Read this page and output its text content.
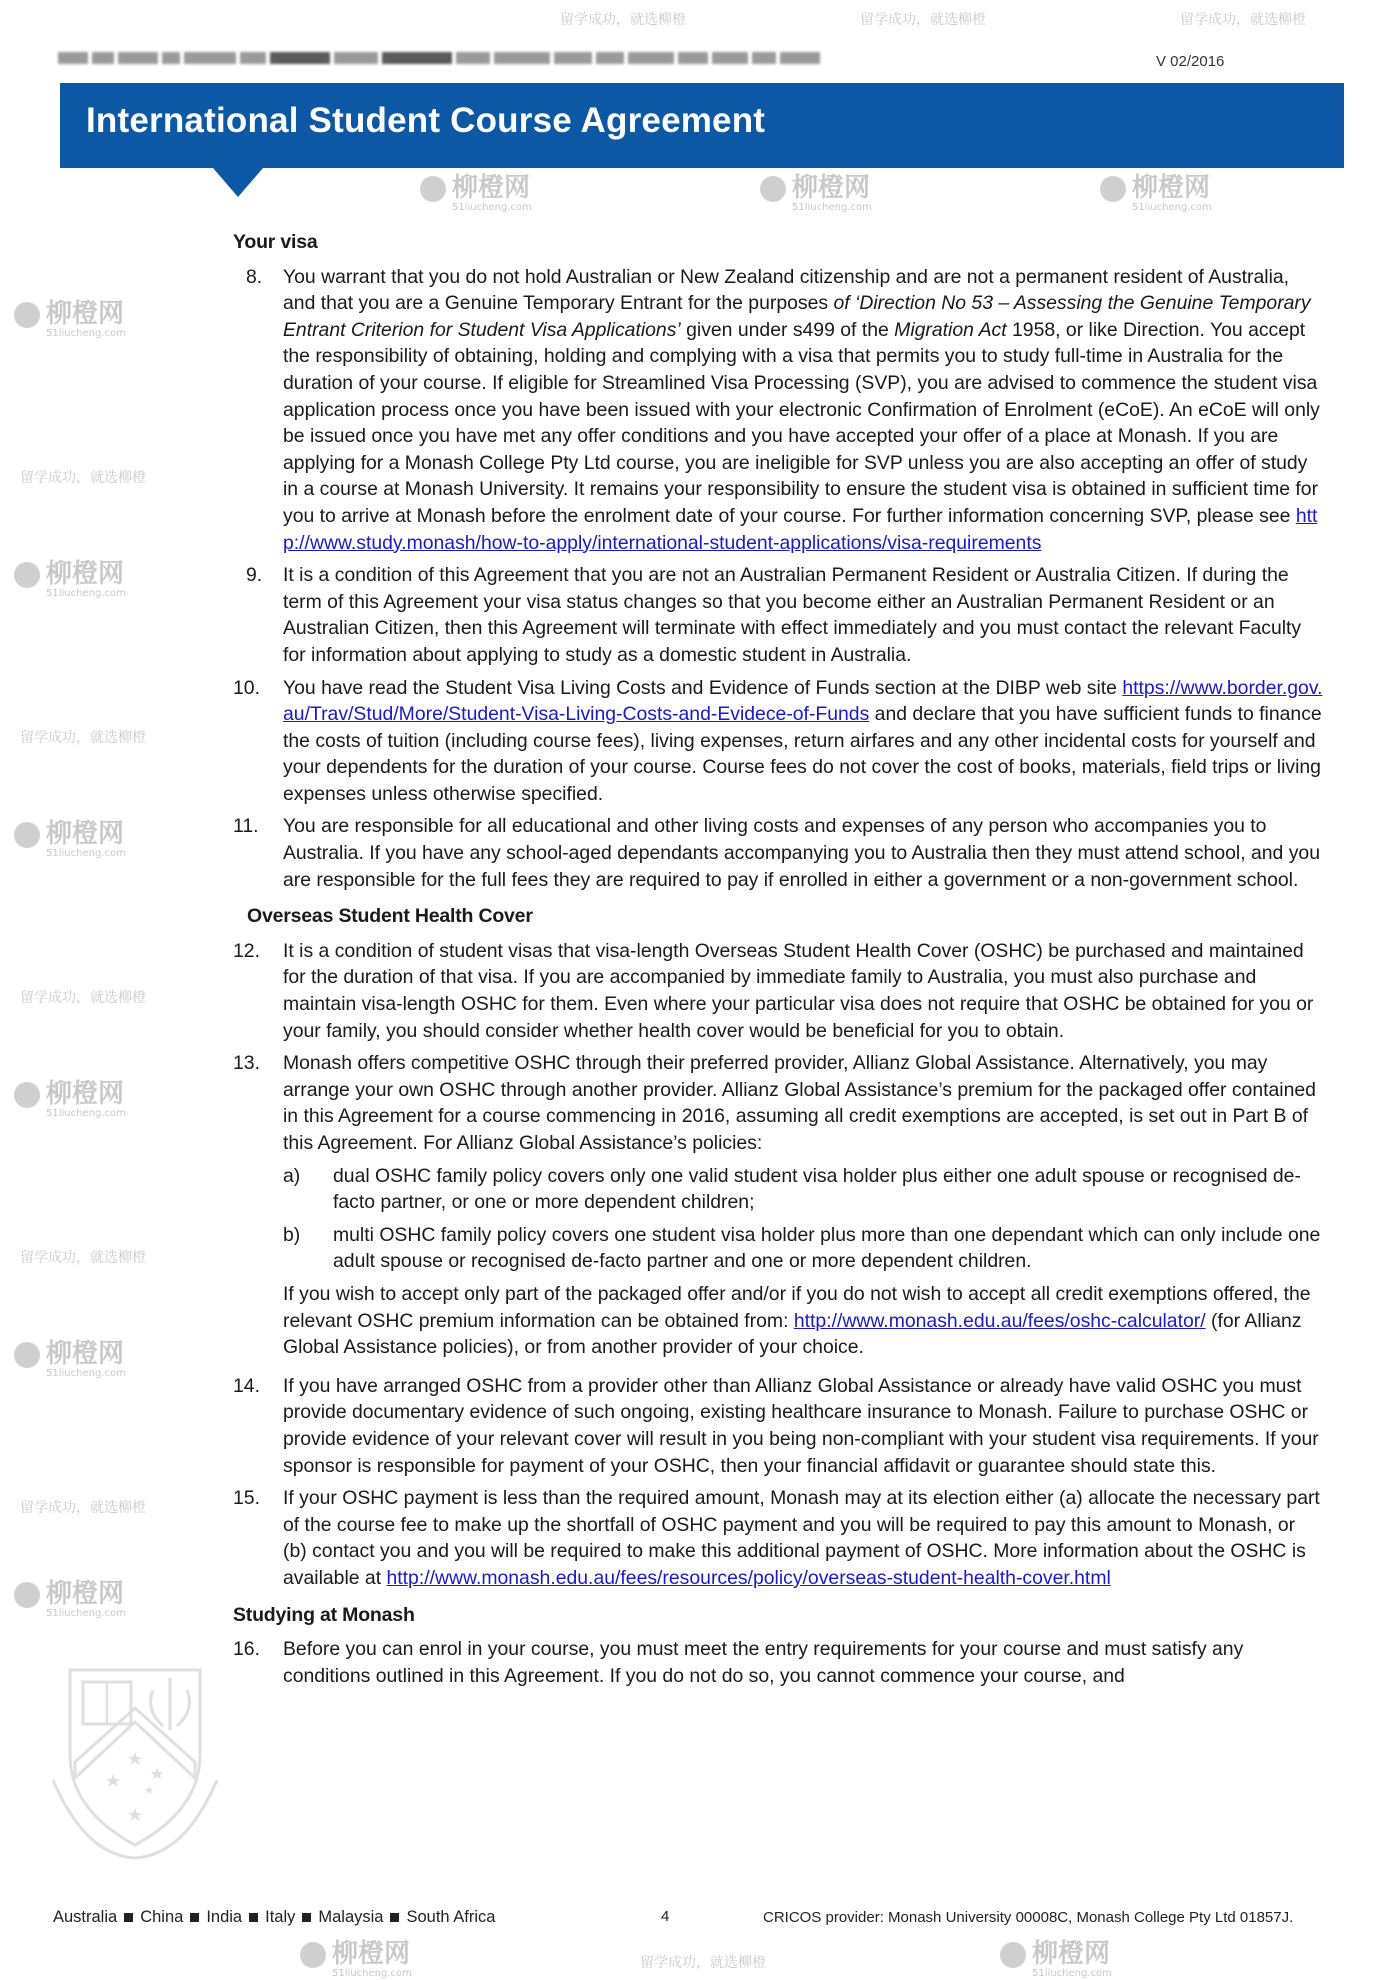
V 02/2016
International Student Course Agreement
Your visa
8.	You warrant that you do not hold Australian or New Zealand citizenship and are not a permanent resident of Australia, and that you are a Genuine Temporary Entrant for the purposes of ‘Direction No 53 – Assessing the Genuine Temporary Entrant Criterion for Student Visa Applications’ given under s499 of the Migration Act 1958, or like Direction. You accept the responsibility of obtaining, holding and complying with a visa that permits you to study full-time in Australia for the duration of your course. If eligible for Streamlined Visa Processing (SVP), you are advised to commence the student visa application process once you have been issued with your electronic Confirmation of Enrolment (eCoE). An eCoE will only be issued once you have met any offer conditions and you have accepted your offer of a place at Monash. If you are applying for a Monash College Pty Ltd course, you are ineligible for SVP unless you are also accepting an offer of study in a course at Monash University. It remains your responsibility to ensure the student visa is obtained in sufficient time for you to arrive at Monash before the enrolment date of your course. For further information concerning SVP, please see http://www.study.monash/how-to-apply/international-student-applications/visa-requirements
9.	It is a condition of this Agreement that you are not an Australian Permanent Resident or Australia Citizen. If during the term of this Agreement your visa status changes so that you become either an Australian Permanent Resident or an Australian Citizen, then this Agreement will terminate with effect immediately and you must contact the relevant Faculty for information about applying to study as a domestic student in Australia.
10.	You have read the Student Visa Living Costs and Evidence of Funds section at the DIBP web site https://www.border.gov.au/Trav/Stud/More/Student-Visa-Living-Costs-and-Evidece-of-Funds and declare that you have sufficient funds to finance the costs of tuition (including course fees), living expenses, return airfares and any other incidental costs for yourself and your dependents for the duration of your course. Course fees do not cover the cost of books, materials, field trips or living expenses unless otherwise specified.
11.	You are responsible for all educational and other living costs and expenses of any person who accompanies you to Australia. If you have any school-aged dependants accompanying you to Australia then they must attend school, and you are responsible for the full fees they are required to pay if enrolled in either a government or a non-government school.
Overseas Student Health Cover
12.	It is a condition of student visas that visa-length Overseas Student Health Cover (OSHC) be purchased and maintained for the duration of that visa. If you are accompanied by immediate family to Australia, you must also purchase and maintain visa-length OSHC for them. Even where your particular visa does not require that OSHC be obtained for you or your family, you should consider whether health cover would be beneficial for you to obtain.
13.	Monash offers competitive OSHC through their preferred provider, Allianz Global Assistance. Alternatively, you may arrange your own OSHC through another provider. Allianz Global Assistance’s premium for the packaged offer contained in this Agreement for a course commencing in 2016, assuming all credit exemptions are accepted, is set out in Part B of this Agreement. For Allianz Global Assistance’s policies:
a)	dual OSHC family policy covers only one valid student visa holder plus either one adult spouse or recognised de-facto partner, or one or more dependent children;
b)	multi OSHC family policy covers one student visa holder plus more than one dependant which can only include one adult spouse or recognised de-facto partner and one or more dependent children.
If you wish to accept only part of the packaged offer and/or if you do not wish to accept all credit exemptions offered, the relevant OSHC premium information can be obtained from: http://www.monash.edu.au/fees/oshc-calculator/ (for Allianz Global Assistance policies), or from another provider of your choice.
14.	If you have arranged OSHC from a provider other than Allianz Global Assistance or already have valid OSHC you must provide documentary evidence of such ongoing, existing healthcare insurance to Monash. Failure to purchase OSHC or provide evidence of your relevant cover will result in you being non-compliant with your student visa requirements. If your sponsor is responsible for payment of your OSHC, then your financial affidavit or guarantee should state this.
15.	If your OSHC payment is less than the required amount, Monash may at its election either (a) allocate the necessary part of the course fee to make up the shortfall of OSHC payment and you will be required to pay this amount to Monash, or (b) contact you and you will be required to make this additional payment of OSHC. More information about the OSHC is available at http://www.monash.edu.au/fees/resources/policy/overseas-student-health-cover.html
Studying at Monash
16.	Before you can enrol in your course, you must meet the entry requirements for your course and must satisfy any conditions outlined in this Agreement. If you do not do so, you cannot commence your course, and
Australia China India Italy Malaysia South Africa	4	CRICOS provider: Monash University 00008C, Monash College Pty Ltd 01857J.
柳橙网
51liucheng.com
柳橙网
51liucheng.com
柳橙网
51liucheng.com
柳橙网
51liucheng.com
柳橙网
51liucheng.com
柳橙网
51liucheng.com
柳橙网
51liucheng.com
柳橙网
51liucheng.com
柳橙网
51liucheng.com
柳橙网
51liucheng.com
柳橙网
51liucheng.com
留学成功，就选柳橙	留学成功，就选柳橙	留学成功，就选柳橙
留学成功，就选柳橙
留学成功，就选柳橙
留学成功，就选柳橙
留学成功，就选柳橙
留学成功，就选柳橙
留学成功，就选柳橙
